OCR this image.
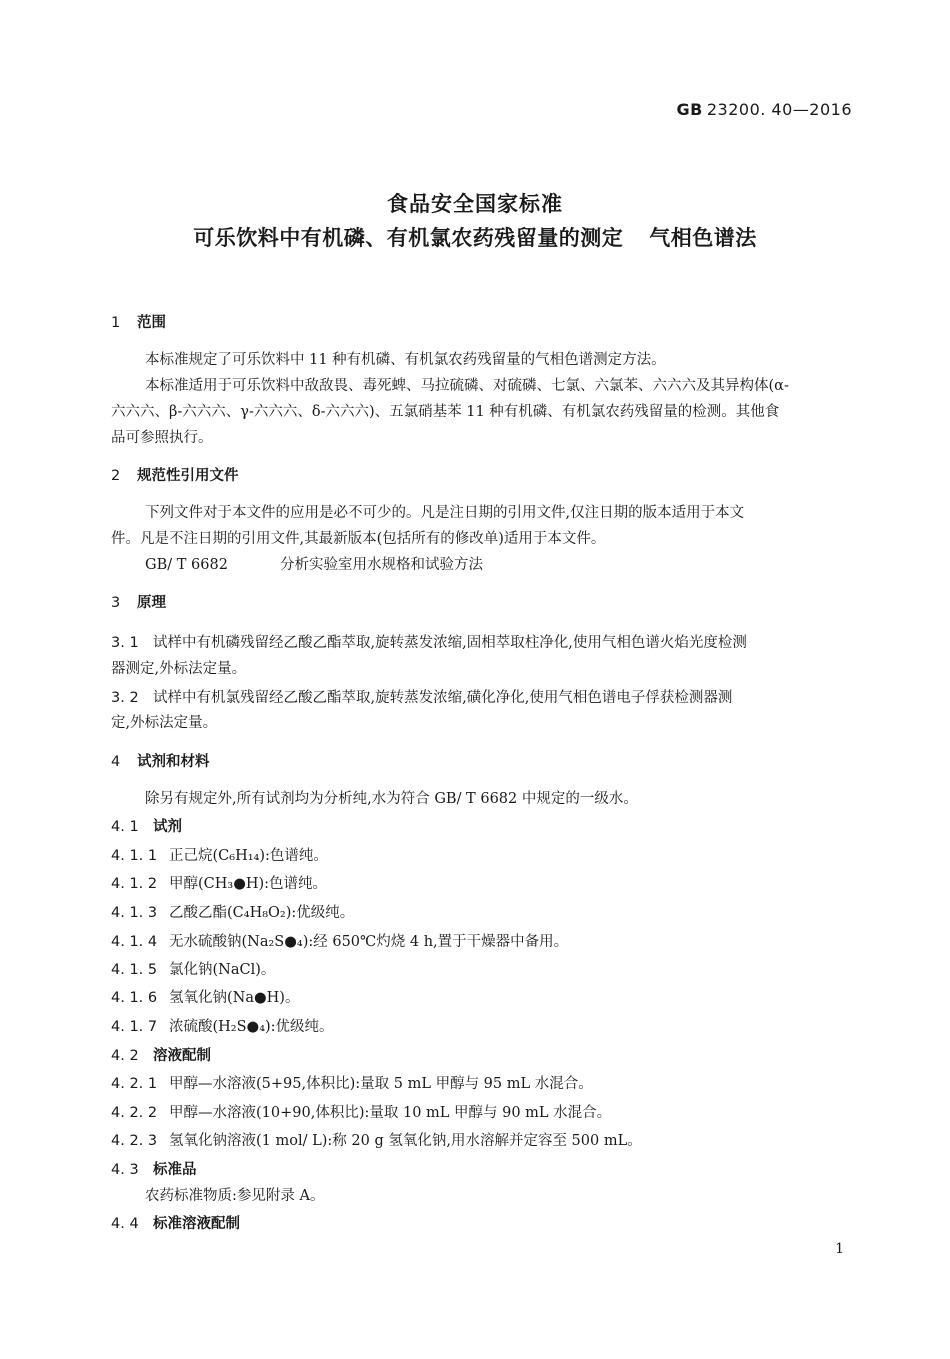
GB 23200. 40—2016
食品安全国家标准
可乐饮料中有机磷、有机氯农药残留量的测定 气相色谱法
1 范围
本标准规定了可乐饮料中 11 种有机磷、有机氯农药残留量的气相色谱测定方法。
本标准适用于可乐饮料中敌敌畏、毒死蜱、马拉硫磷、对硫磷、七氯、六氯苯、六六六及其异构体(α-
六六六、β-六六六、γ-六六六、δ-六六六)、五氯硝基苯 11 种有机磷、有机氯农药残留量的检测。其他食
品可参照执行。
2 规范性引用文件
下列文件对于本文件的应用是必不可少的。凡是注日期的引用文件,仅注日期的版本适用于本文
件。凡是不注日期的引用文件,其最新版本(包括所有的修改单)适用于本文件。
GB/ T 6682	分析实验室用水规格和试验方法
3 原理
3. 1 试样中有机磷残留经乙酸乙酯萃取,旋转蒸发浓缩,固相萃取柱净化,使用气相色谱火焰光度检测
器测定,外标法定量。
3. 2 试样中有机氯残留经乙酸乙酯萃取,旋转蒸发浓缩,磺化净化,使用气相色谱电子俘获检测器测
定,外标法定量。
4 试剂和材料
除另有规定外,所有试剂均为分析纯,水为符合 GB/ T 6682 中规定的一级水。
4. 1 试剂
4. 1. 1 正己烷(C₆H₁₄):色谱纯。
4. 1. 2 甲醇(CH₃●H):色谱纯。
4. 1. 3 乙酸乙酯(C₄H₈O₂):优级纯。
4. 1. 4 无水硫酸钠(Na₂S●₄):经 650℃灼烧 4 h,置于干燥器中备用。
4. 1. 5 氯化钠(NaCl)。
4. 1. 6 氢氧化钠(Na●H)。
4. 1. 7 浓硫酸(H₂S●₄):优级纯。
4. 2 溶液配制
4. 2. 1 甲醇—水溶液(5+95,体积比):量取 5 mL 甲醇与 95 mL 水混合。
4. 2. 2 甲醇—水溶液(10+90,体积比):量取 10 mL 甲醇与 90 mL 水混合。
4. 2. 3 氢氧化钠溶液(1 mol/ L):称 20 g 氢氧化钠,用水溶解并定容至 500 mL。
4. 3 标准品
农药标准物质:参见附录 A。
4. 4 标准溶液配制
1
